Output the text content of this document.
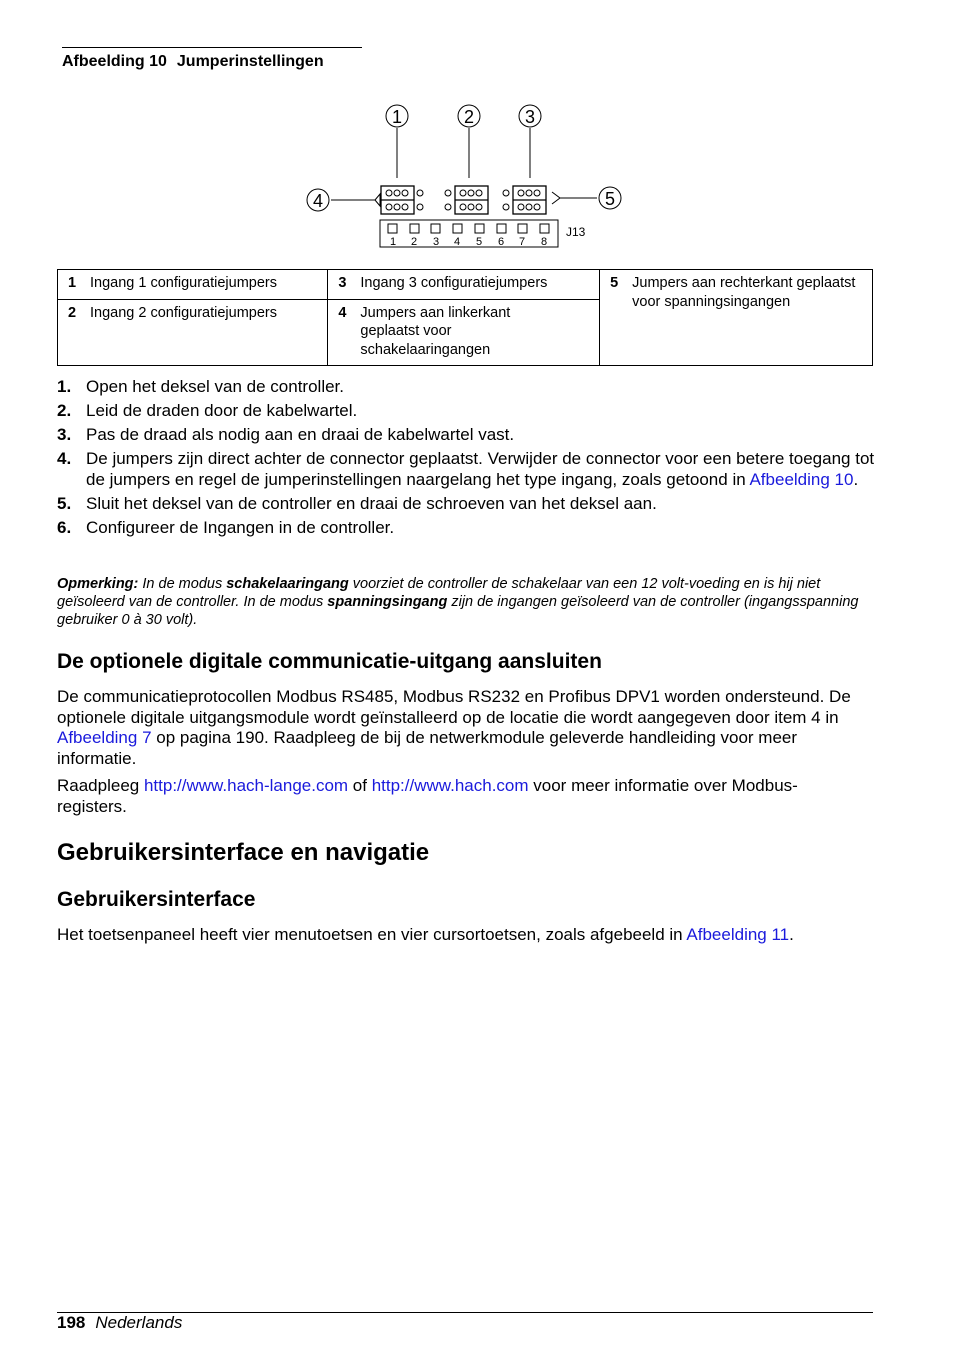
Afbeelding 10 Jumperinstellingen
1	2	3
4	5
1 2 3 4 5 6 7 8
J13
1 Ingang 1 configuratiejumpers	3 Ingang 3 configuratiejumpers	5 Jumpers aan rechterkant geplaatst voor spanningsingangen
2 Ingang 2 configuratiejumpers	4 Jumpers aan linkerkant geplaatst voor schakelaaringangen	
1. Open het deksel van de controller.
2. Leid de draden door de kabelwartel.
3. Pas de draad als nodig aan en draai de kabelwartel vast.
4. De jumpers zijn direct achter de connector geplaatst. Verwijder de connector voor een betere toegang tot de jumpers en regel de jumperinstellingen naargelang het type ingang, zoals getoond in Afbeelding 10.
5. Sluit het deksel van de controller en draai de schroeven van het deksel aan.
6. Configureer de Ingangen in de controller.
Opmerking: In de modus schakelaaringang voorziet de controller de schakelaar van een 12 volt-voeding en is hij niet geïsoleerd van de controller. In de modus spanningsingang zijn de ingangen geïsoleerd van de controller (ingangsspanning gebruiker 0 à 30 volt).
De optionele digitale communicatie-uitgang aansluiten

De communicatieprotocollen Modbus RS485, Modbus RS232 en Profibus DPV1 worden ondersteund. De optionele digitale uitgangsmodule wordt geïnstalleerd op de locatie die wordt aangegeven door item 4 in Afbeelding 7 op pagina 190. Raadpleeg de bij de netwerkmodule geleverde handleiding voor meer informatie.

Raadpleeg http://www.hach-lange.com of http://www.hach.com voor meer informatie over Modbus-registers.

Gebruikersinterface en navigatie
Gebruikersinterface

Het toetsenpaneel heeft vier menutoetsen en vier cursortoetsen, zoals afgebeeld in Afbeelding 11.

198 Nederlands
